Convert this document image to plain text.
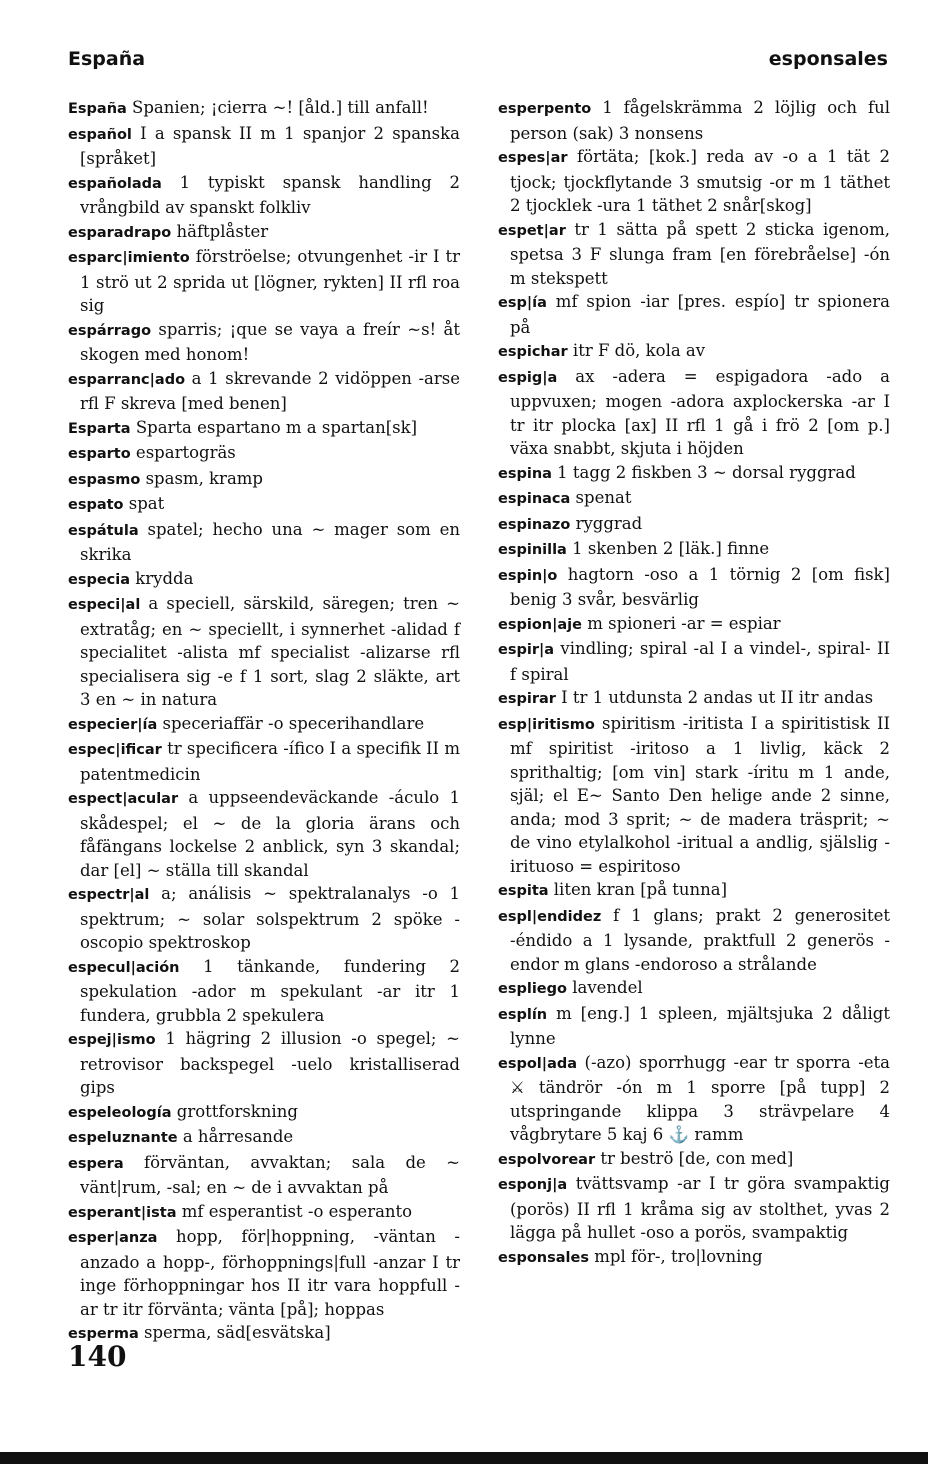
España	esponsales

España Spanien; ¡cierra ~! [åld.] till anfall!

español I a spansk II m 1 spanjor 2 spanska [språket]

españolada 1 typiskt spansk handling 2 vrångbild av spanskt folkliv

esparadrapo häftplåster

esparc|imiento förströelse; otvungenhet -ir I tr 1 strö ut 2 sprida ut [lögner, rykten] II rfl roa sig

espárrago sparris; ¡que se vaya a freír ~s! åt skogen med honom!

esparranc|ado a 1 skrevande 2 vidöppen -arse rfl F skreva [med benen]

Esparta Sparta espartano m a spartan[sk]

esparto espartogräs

espasmo spasm, kramp

espato spat

espátula spatel; hecho una ~ mager som en skrika

especia krydda

especi|al a speciell, särskild, säregen; tren ~ extratåg; en ~ speciellt, i synnerhet -alidad f specialitet -alista mf specialist -alizarse rfl specialisera sig -e f 1 sort, slag 2 släkte, art 3 en ~ in natura

especier|ía speceriaffär -o specerihandlare

espec|ificar tr specificera -ífico I a specifik II m patentmedicin

espect|acular a uppseendeväckande -áculo 1 skådespel; el ~ de la gloria ärans och fåfängans lockelse 2 anblick, syn 3 skandal; dar [el] ~ ställa till skandal

espectr|al a; análisis ~ spektralanalys -o 1 spektrum; ~ solar solspektrum 2 spöke -oscopio spektroskop

especul|ación 1 tänkande, fundering 2 spekulation -ador m spekulant -ar itr 1 fundera, grubbla 2 spekulera

espej|ismo 1 hägring 2 illusion -o spegel; ~ retrovisor backspegel -uelo kristalliserad gips

espeleología grottforskning

espeluznante a hårresande

espera förväntan, avvaktan; sala de ~ vänt|rum, -sal; en ~ de i avvaktan på

esperant|ista mf esperantist -o esperanto

esper|anza hopp, för|hoppning, -väntan -anzado a hopp-, förhoppnings|full -anzar I tr inge förhoppningar hos II itr vara hoppfull -ar tr itr förvänta; vänta [på]; hoppas

esperma sperma, säd[esvätska]

esperpento 1 fågelskrämma 2 löjlig och ful person (sak) 3 nonsens

espes|ar förtäta; [kok.] reda av -o a 1 tät 2 tjock; tjockflytande 3 smutsig -or m 1 täthet 2 tjocklek -ura 1 täthet 2 snår[skog]

espet|ar tr 1 sätta på spett 2 sticka igenom, spetsa 3 F slunga fram [en förebråelse] -ón m stekspett

esp|ía mf spion -iar [pres. espío] tr spionera på

espichar itr F dö, kola av

espig|a ax -adera = espigadora -ado a uppvuxen; mogen -adora axplockerska -ar I tr itr plocka [ax] II rfl 1 gå i frö 2 [om p.] växa snabbt, skjuta i höjden

espina 1 tagg 2 fiskben 3 ~ dorsal ryggrad

espinaca spenat

espinazo ryggrad

espinilla 1 skenben 2 [läk.] finne

espin|o hagtorn -oso a 1 törnig 2 [om fisk] benig 3 svår, besvärlig

espion|aje m spioneri -ar = espiar

espir|a vindling; spiral -al I a vindel-, spiral- II f spiral

espirar I tr 1 utdunsta 2 andas ut II itr andas

esp|iritismo spiritism -iritista I a spiritistisk II mf spiritist -iritoso a 1 livlig, käck 2 sprithaltig; [om vin] stark -íritu m 1 ande, själ; el E~ Santo Den helige ande 2 sinne, anda; mod 3 sprit; ~ de madera träsprit; ~ de vino etylalkohol -iritual a andlig, själslig -irituoso = espiritoso

espita liten kran [på tunna]

espl|endidez f 1 glans; prakt 2 generositet -éndido a 1 lysande, praktfull 2 generös -endor m glans -endoroso a strålande

espliego lavendel

esplín m [eng.] 1 spleen, mjältsjuka 2 dåligt lynne

espol|ada (-azo) sporrhugg -ear tr sporra -eta ⚔ tändrör -ón m 1 sporre [på tupp] 2 utspringande klippa 3 strävpelare 4 vågbrytare 5 kaj 6 ⚓ ramm

espolvorear tr beströ [de, con med]

esponj|a tvättsvamp -ar I tr göra svampaktig (porös) II rfl 1 kråma sig av stolthet, yvas 2 lägga på hullet -oso a porös, svampaktig

esponsales mpl för-, tro|lovning

140
